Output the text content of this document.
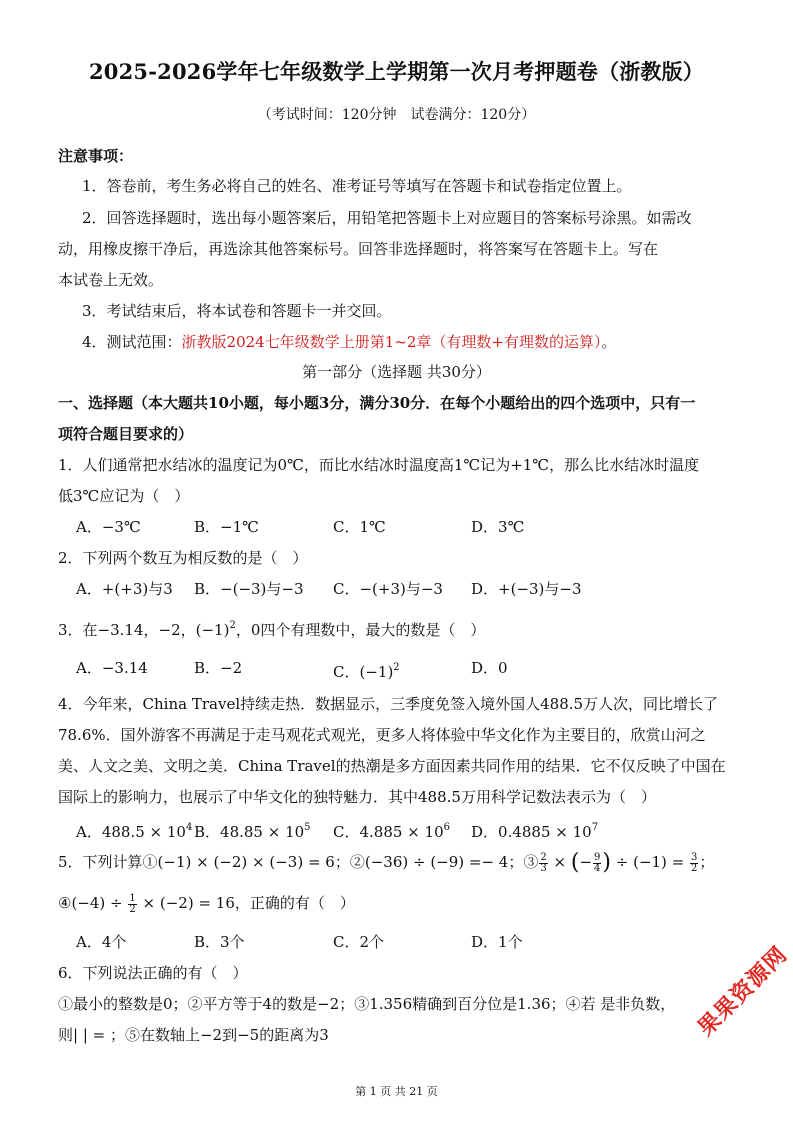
2025-2026学年七年级数学上学期第一次月考押题卷（浙教版）
（考试时间：120分钟　试卷满分：120分）
注意事项：
1．答卷前，考生务必将自己的姓名、准考证号等填写在答题卡和试卷指定位置上。
2．回答选择题时，选出每小题答案后，用铅笔把答题卡上对应题目的答案标号涂黑。如需改
动，用橡皮擦干净后，再选涂其他答案标号。回答非选择题时，将答案写在答题卡上。写在
本试卷上无效。
3．考试结束后，将本试卷和答题卡一并交回。
4．测试范围：浙教版2024七年级数学上册第1~2章（有理数+有理数的运算）。
第一部分（选择题 共30分）
一、选择题（本大题共10小题，每小题3分，满分30分．在每个小题给出的四个选项中，只有一
项符合题目要求的）
1．人们通常把水结冰的温度记为0℃，而比水结冰时温度高1℃记为+1℃，那么比水结冰时温度
低3℃应记为（　）
A．−3℃	B．−1℃	C．1℃	D．3℃
2．下列两个数互为相反数的是（　）
A．+(+3)与3 B．−(−3)与−3 C．−(+3)与−3 D．+(−3)与−3
3．在−3.14，−2，$(-1)^2$，0四个有理数中，最大的数是（　）
A．−3.14	B．−2	C．$(-1)^2$	D．0
4．今年来，China Travel持续走热．数据显示，三季度免签入境外国人488.5万人次，同比增长了
78.6%．国外游客不再满足于走马观花式观光，更多人将体验中华文化作为主要目的，欣赏山河之
美、人文之美、文明之美．China Travel的热潮是多方面因素共同作用的结果．它不仅反映了中国在
国际上的影响力，也展示了中华文化的独特魅力．其中488.5万用科学记数法表示为（　）
A．$488.5 \times 10^4$ B．$48.85 \times 10^5$ C．$4.885 \times 10^6$ D．$0.4885 \times 10^7$
5．下列计算①(−1) × (−2) × (−3) = 6；②(−36) ÷ (−9) =− 4；③ $\frac{2}{3}$ × (− $\frac{9}{4}$ ) ÷ $(-1) = \frac{3}{2}$ ；
④(−4) ÷ $\frac{1}{2} \times (-2) = 16$，正确的有（　）
A．4个	B．3个	C．2个	D．1个
6．下列说法正确的有（　）
①最小的整数是0；②平方等于4的数是−2；③1.356精确到百分位是1.36；④若 是非负数，
则| | = ；⑤在数轴上−2到−5的距离为3
第 1 页 共 21 页
果果资源网
